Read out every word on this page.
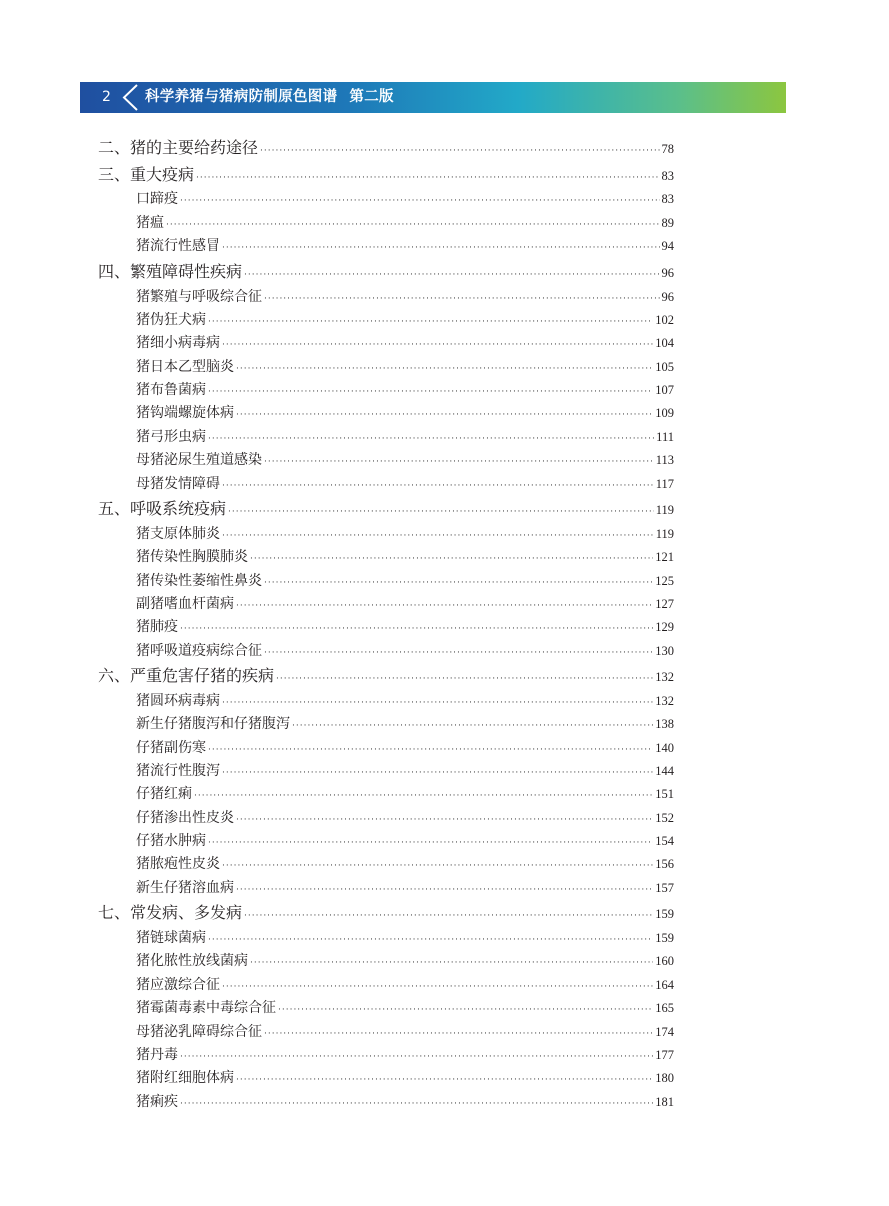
2 科学养猪与猪病防制原色图谱 第二版
二、猪的主要给药途径 ·····	78
三、重大疫病 ·····	83
口蹄疫 ·····	83
猪瘟 ·····	89
猪流行性感冒 ·····	94
四、繁殖障碍性疾病 ·····	96
猪繁殖与呼吸综合征 ·····	96
猪伪狂犬病 ·····	102
猪细小病毒病 ·····	104
猪日本乙型脑炎 ·····	105
猪布鲁菌病 ·····	107
猪钩端螺旋体病 ·····	109
猪弓形虫病 ·····	111
母猪泌尿生殖道感染 ·····	113
母猪发情障碍 ·····	117
五、呼吸系统疫病 ·····	119
猪支原体肺炎 ·····	119
猪传染性胸膜肺炎 ·····	121
猪传染性萎缩性鼻炎 ·····	125
副猪嗜血杆菌病 ·····	127
猪肺疫 ·····	129
猪呼吸道疫病综合征 ·····	130
六、严重危害仔猪的疾病 ·····	132
猪圆环病毒病 ·····	132
新生仔猪腹泻和仔猪腹泻 ·····	138
仔猪副伤寒 ·····	140
猪流行性腹泻 ·····	144
仔猪红痢 ·····	151
仔猪渗出性皮炎 ·····	152
仔猪水肿病 ·····	154
猪脓疱性皮炎 ·····	156
新生仔猪溶血病 ·····	157
七、常发病、多发病 ·····	159
猪链球菌病 ·····	159
猪化脓性放线菌病 ·····	160
猪应激综合征 ·····	164
猪霉菌毒素中毒综合征 ·····	165
母猪泌乳障碍综合征 ·····	174
猪丹毒 ·····	177
猪附红细胞体病 ·····	180
猪痢疾 ·····	181
